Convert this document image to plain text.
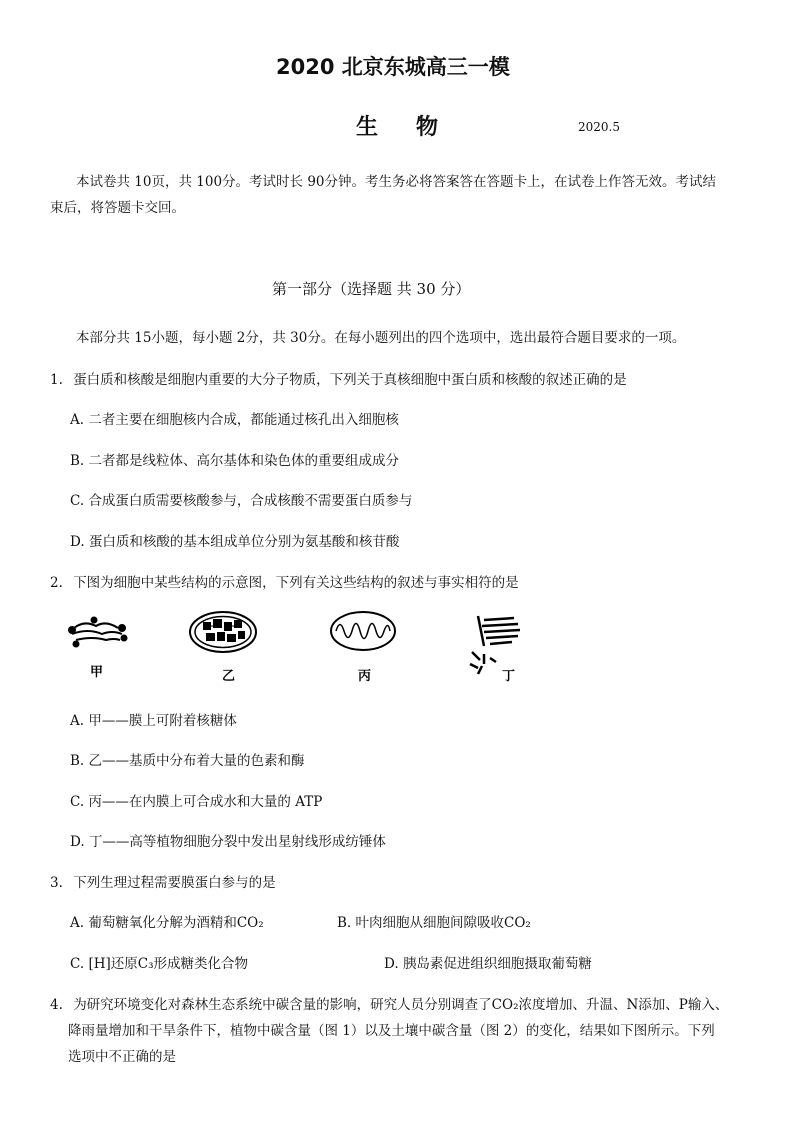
2020 北京东城高三一模
生物	2020.5
本试卷共 10页，共 100分。考试时长 90分钟。考生务必将答案答在答题卡上，在试卷上作答无效。考试结
束后，将答题卡交回。
第一部分（选择题 共 30 分）
本部分共 15小题，每小题 2分，共 30分。在每小题列出的四个选项中，选出最符合题目要求的一项。
1. 蛋白质和核酸是细胞内重要的大分子物质，下列关于真核细胞中蛋白质和核酸的叙述正确的是
A. 二者主要在细胞核内合成，都能通过核孔出入细胞核
B. 二者都是线粒体、高尔基体和染色体的重要组成成分
C. 合成蛋白质需要核酸参与，合成核酸不需要蛋白质参与
D. 蛋白质和核酸的基本组成单位分别为氨基酸和核苷酸
2. 下图为细胞中某些结构的示意图，下列有关这些结构的叙述与事实相符的是
甲	乙	丙	丁
A. 甲——膜上可附着核糖体
B. 乙——基质中分布着大量的色素和酶
C. 丙——在内膜上可合成水和大量的 ATP
D. 丁——高等植物细胞分裂中发出星射线形成纺锤体
3. 下列生理过程需要膜蛋白参与的是
A. 葡萄糖氧化分解为酒精和CO₂	B. 叶肉细胞从细胞间隙吸收CO₂
C. [H]还原C₃形成糖类化合物	D. 胰岛素促进组织细胞摄取葡萄糖
4. 为研究环境变化对森林生态系统中碳含量的影响，研究人员分别调查了CO₂浓度增加、升温、N添加、P输入、
降雨量增加和干旱条件下，植物中碳含量（图 1）以及土壤中碳含量（图 2）的变化，结果如下图所示。下列
选项中不正确的是
